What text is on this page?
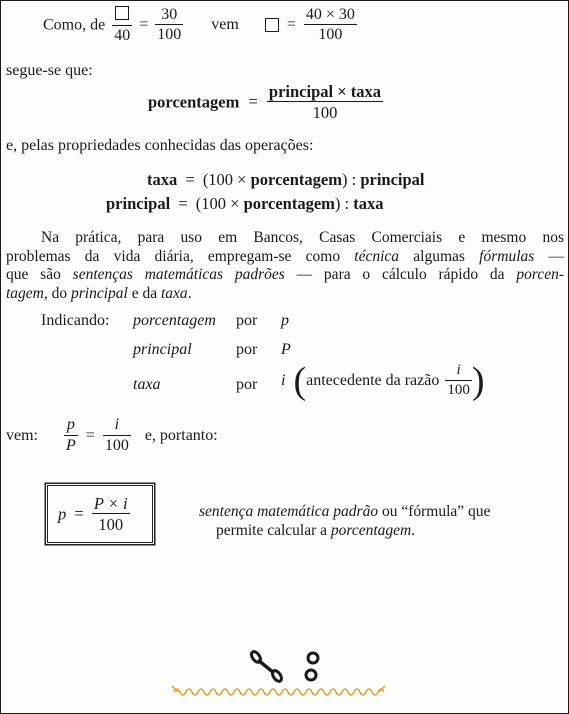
Como, de
40
= $\frac{30}{100}$ vem	= $\frac{40 \times 30}{100}$
segue-se que:
porcentagem = $\frac{\text{principal × taxa}}{100}$
e, pelas propriedades conhecidas das operações:
taxa = (100 × porcentagem) : principal
principal = (100 × porcentagem) : taxa
Na prática, para uso em Bancos, Casas Comerciais e mesmo nos
problemas da vida diária, empregam-se como técnica algumas fórmulas —
que são sentenças matemáticas padrões — para o cálculo rápido da porcen-
tagem, do principal e da taxa.
Indicando: porcentagem por p
principal	por P
taxa	por i (antecedente da razão $\frac{i}{100}$ )
vem: $\frac{p}{P} = \frac{i}{100} e$, portanto:
$p = \frac{P \times i}{100}$	sentença matemática padrão ou “fórmula” que
permite calcular a porcentagem.
